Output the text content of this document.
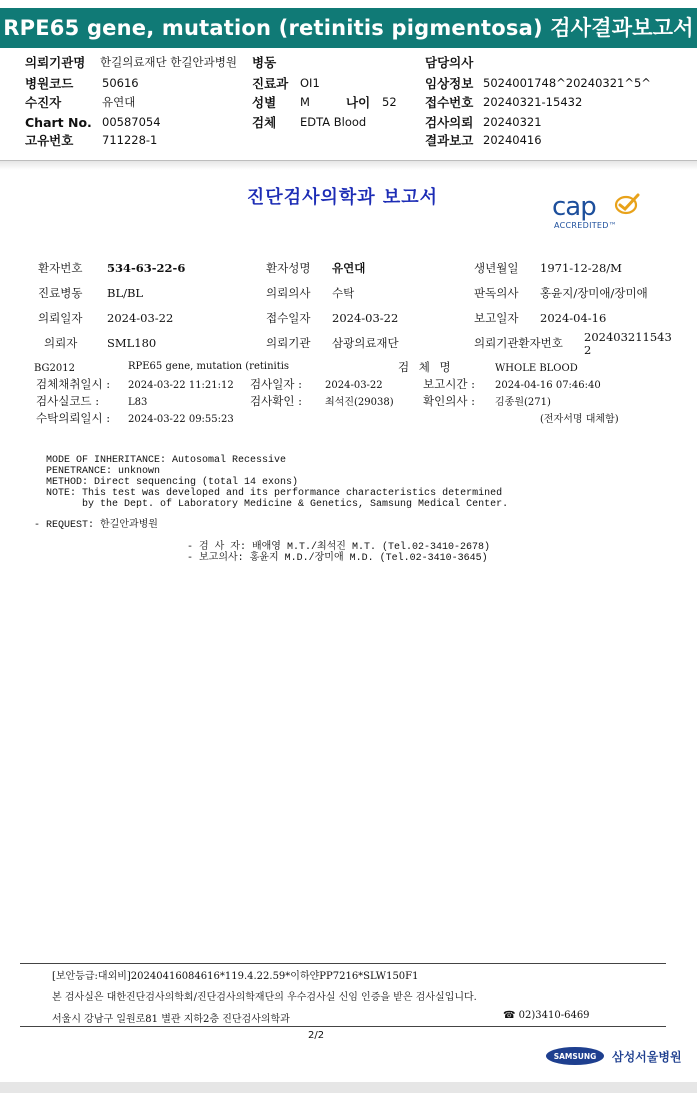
RPE65 gene, mutation (retinitis pigmentosa) 검사결과보고서
의뢰기관명 한길의료재단 한길안과병원 병동	담당의사
병원코드 50616	진료과 OI1	임상정보 5024001748^20240321^5^
수진자	유연대	성별 M	나이 52 접수번호 20240321-15432
Chart No. 00587054	검체 EDTA Blood	검사의뢰 20240321
고유번호 711228-1	결과보고 20240416
진단검사의학과 보고서	cap
ACCREDITED™
환자번호 534-63-22-6	환자성명 유연대	생년월일 1971-12-28/M
진료병동 BL/BL	의뢰의사 수탁	판독의사 홍윤지/장미애/장미애
의뢰일자 2024-03-22	접수일자 2024-03-22	보고일자 2024-04-16
의뢰자	SML180	의뢰기관 삼광의료재단	의뢰기관환자번호 202403211543
2
BG2012	RPE65 gene, mutation (retinitis	검 체 명	WHOLE BLOOD
검체채취일시 : 2024-03-22 11:21:12 검사일자 : 2024-03-22	보고시간 : 2024-04-16 07:46:40
검사실코드 :	L83	검사확인 : 최석진(29038)	확인의사 : 김종원(271)
수탁의뢰일시 : 2024-03-22 09:55:23	(전자서명 대체함)
MODE OF INHERITANCE: Autosomal Recessive
PENETRANCE: unknown
METHOD: Direct sequencing (total 14 exons)
NOTE: This test was developed and its performance characteristics determined
by the Dept. of Laboratory Medicine & Genetics, Samsung Medical Center.
- REQUEST: 한길안과병원
- 검 사 자: 배애영 M.T./최석진 M.T. (Tel.02-3410-2678)
- 보고의사: 홍윤지 M.D./장미애 M.D. (Tel.02-3410-3645)
[보안등급:대외비]20240416084616*119.4.22.59*이하얀PP7216*SLW150F1
본 검사실은 대한진단검사의학회/진단검사의학재단의 우수검사실 신임 인증을 받은 검사실입니다.
서울시 강남구 일원로81 별관 지하2층 진단검사의학과	☎ 02)3410-6469
2/2
SAMSUNG 삼성서울병원
